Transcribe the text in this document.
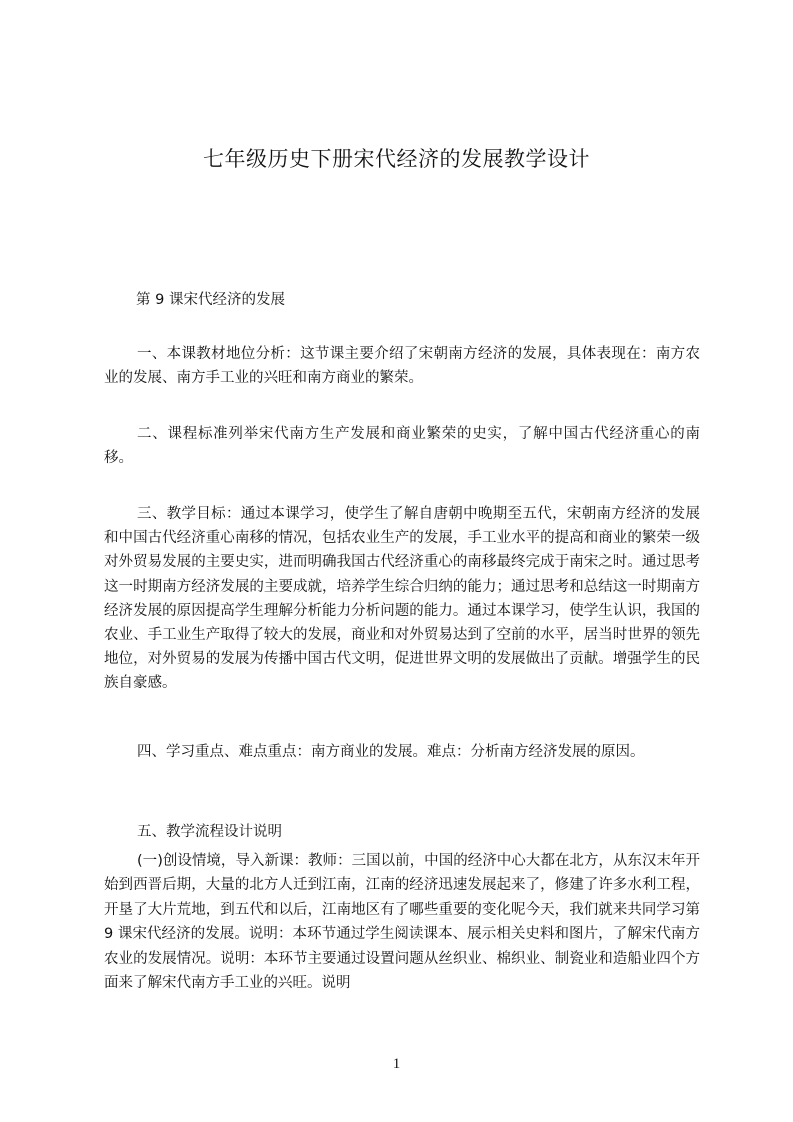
七年级历史下册宋代经济的发展教学设计

第 9 课宋代经济的发展

一、本课教材地位分析：这节课主要介绍了宋朝南方经济的发展，具体表现在：南方农业的发展、南方手工业的兴旺和南方商业的繁荣。

二、课程标准列举宋代南方生产发展和商业繁荣的史实，了解中国古代经济重心的南移。

三、教学目标：通过本课学习，使学生了解自唐朝中晚期至五代，宋朝南方经济的发展和中国古代经济重心南移的情况，包括农业生产的发展，手工业水平的提高和商业的繁荣一级对外贸易发展的主要史实，进而明确我国古代经济重心的南移最终完成于南宋之时。通过思考这一时期南方经济发展的主要成就，培养学生综合归纳的能力；通过思考和总结这一时期南方经济发展的原因提高学生理解分析能力分析问题的能力。通过本课学习，使学生认识，我国的农业、手工业生产取得了较大的发展，商业和对外贸易达到了空前的水平，居当时世界的领先地位，对外贸易的发展为传播中国古代文明，促进世界文明的发展做出了贡献。增强学生的民族自豪感。

四、学习重点、难点重点：南方商业的发展。难点：分析南方经济发展的原因。

五、教学流程设计说明

(一)创设情境，导入新课：教师：三国以前，中国的经济中心大都在北方，从东汉末年开始到西晋后期，大量的北方人迁到江南，江南的经济迅速发展起来了，修建了许多水利工程，开垦了大片荒地，到五代和以后，江南地区有了哪些重要的变化呢今天，我们就来共同学习第 9 课宋代经济的发展。说明：本环节通过学生阅读课本、展示相关史料和图片，了解宋代南方农业的发展情况。说明：本环节主要通过设置问题从丝织业、棉织业、制瓷业和造船业四个方面来了解宋代南方手工业的兴旺。说明

1
